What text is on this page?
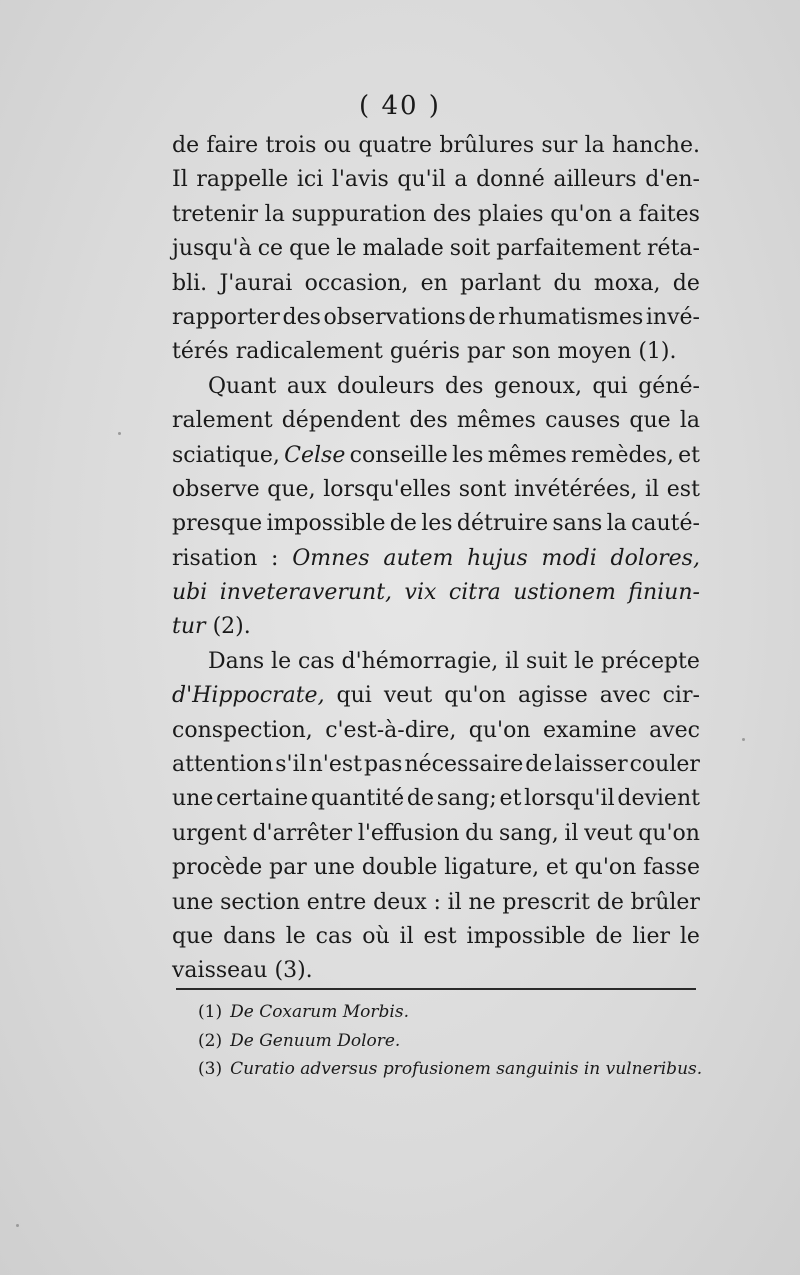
( 40 )
de faire trois ou quatre brûlures sur la hanche.
Il rappelle ici l'avis qu'il a donné ailleurs d'en-
tretenir la suppuration des plaies qu'on a faites
jusqu'à ce que le malade soit parfaitement réta-
bli. J'aurai occasion, en parlant du moxa, de
rapporter des observations de rhumatismes invé-
térés radicalement guéris par son moyen (1).
Quant aux douleurs des genoux, qui géné-
ralement dépendent des mêmes causes que la
sciatique, Celse conseille les mêmes remèdes, et
observe que, lorsqu'elles sont invétérées, il est
presque impossible de les détruire sans la cauté-
risation : Omnes autem hujus modi dolores,
ubi inveteraverunt, vix citra ustionem finiun-
tur (2).
Dans le cas d'hémorragie, il suit le précepte
d'Hippocrate, qui veut qu'on agisse avec cir-
conspection, c'est-à-dire, qu'on examine avec
attention s'il n'est pas nécessaire de laisser couler
une certaine quantité de sang; et lorsqu'il devient
urgent d'arrêter l'effusion du sang, il veut qu'on
procède par une double ligature, et qu'on fasse
une section entre deux : il ne prescrit de brûler
que dans le cas où il est impossible de lier le
vaisseau (3).
(1) De Coxarum Morbis.
(2) De Genuum Dolore.
(3) Curatio adversus profusionem sanguinis in vulneribus.
